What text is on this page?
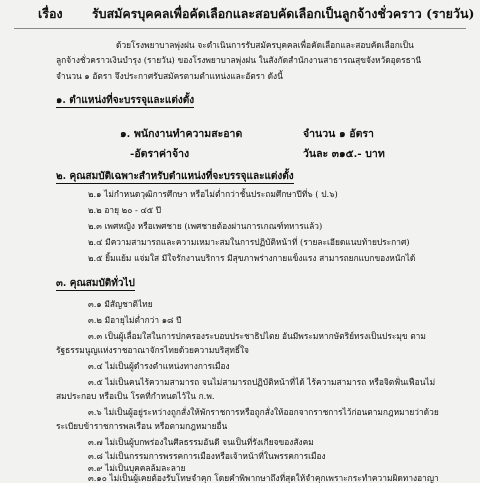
เรื่อง รับสมัครบุคคลเพื่อคัดเลือกและสอบคัดเลือกเป็นลูกจ้างชั่วคราว (รายวัน)
ด้วยโรงพยาบาลพุ่งฝน จะดำเนินการรับสมัครบุคคลเพื่อคัดเลือกและสอบคัดเลือกเป็น
ลูกจ้างชั่วคราวเงินบำรุง (รายวัน) ของโรงพยาบาลพุ่งฝน ในสังกัดสำนักงานสาธารณสุขจังหวัดอุดรธานี
จำนวน ๑ อัตรา จึงประกาศรับสมัครตามตำแหน่งและอัตรา ดังนี้
๑. ตำแหน่งที่จะบรรจุและแต่งตั้ง
๑. พนักงานทำความสะอาด	จำนวน ๑ อัตรา
-อัตราค่าจ้าง	วันละ ๓๑๕.- บาท
๒. คุณสมบัติเฉพาะสำหรับตำแหน่งที่จะบรรจุและแต่งตั้ง
๒.๑ ไม่กำหนดวุฒิการศึกษา หรือไม่ต่ำกว่าชั้นประถมศึกษาปีที่๖ ( ป.๖)
๒.๒ อายุ ๒๐ - ๔๕ ปี
๒.๓ เพศหญิง หรือเพศชาย (เพศชายต้องผ่านการเกณฑ์ทหารแล้ว)
๒.๔ มีความสามารถและความเหมาะสมในการปฏิบัติหน้าที่ (รายละเอียดแนบท้ายประกาศ)
๒.๕ ยิ้มแย้ม แจ่มใส มีใจรักงานบริการ มีสุขภาพร่างกายแข็งแรง สามารถยกแบกของหนักได้
๓. คุณสมบัติทั่วไป
๓.๑ มีสัญชาติไทย
๓.๒ มีอายุไม่ต่ำกว่า ๑๘ ปี
๓.๓ เป็นผู้เลื่อมใสในการปกครองระบอบประชาธิปไตย อันมีพระมหากษัตริย์ทรงเป็นประมุข ตาม
รัฐธรรมนูญแห่งราชอาณาจักรไทยด้วยความบริสุทธิ์ใจ
๓.๔ ไม่เป็นผู้ดำรงตำแหน่งทางการเมือง
๓.๕ ไม่เป็นคนไร้ความสามารถ จนไม่สามารถปฏิบัติหน้าที่ได้ ไร้ความสามารถ หรือจิตฟั่นเฟือนไม่
สมประกอบ หรือเป็น โรคที่กำหนดไว้ใน ก.พ.
๓.๖ ไม่เป็นผู้อยู่ระหว่างถูกสั่งให้พักราชการหรือถูกสั่งให้ออกจากราชการไว้ก่อนตามกฎหมายว่าด้วย
ระเบียบข้าราชการพลเรือน หรือตามกฎหมายอื่น
๓.๗ ไม่เป็นผู้บกพร่องในศีลธรรมอันดี จนเป็นที่รังเกียจของสังคม
๓.๘ ไม่เป็นกรรมการพรรคการเมืองหรือเจ้าหน้าที่ในพรรคการเมือง
๓.๙ ไม่เป็นบุคคลล้มละลาย
๓.๑๐ ไม่เป็นผู้เคยต้องรับโทษจำคุก โดยคำพิพากษาถึงที่สุดให้จำคุกเพราะกระทำความผิดทางอาญา
